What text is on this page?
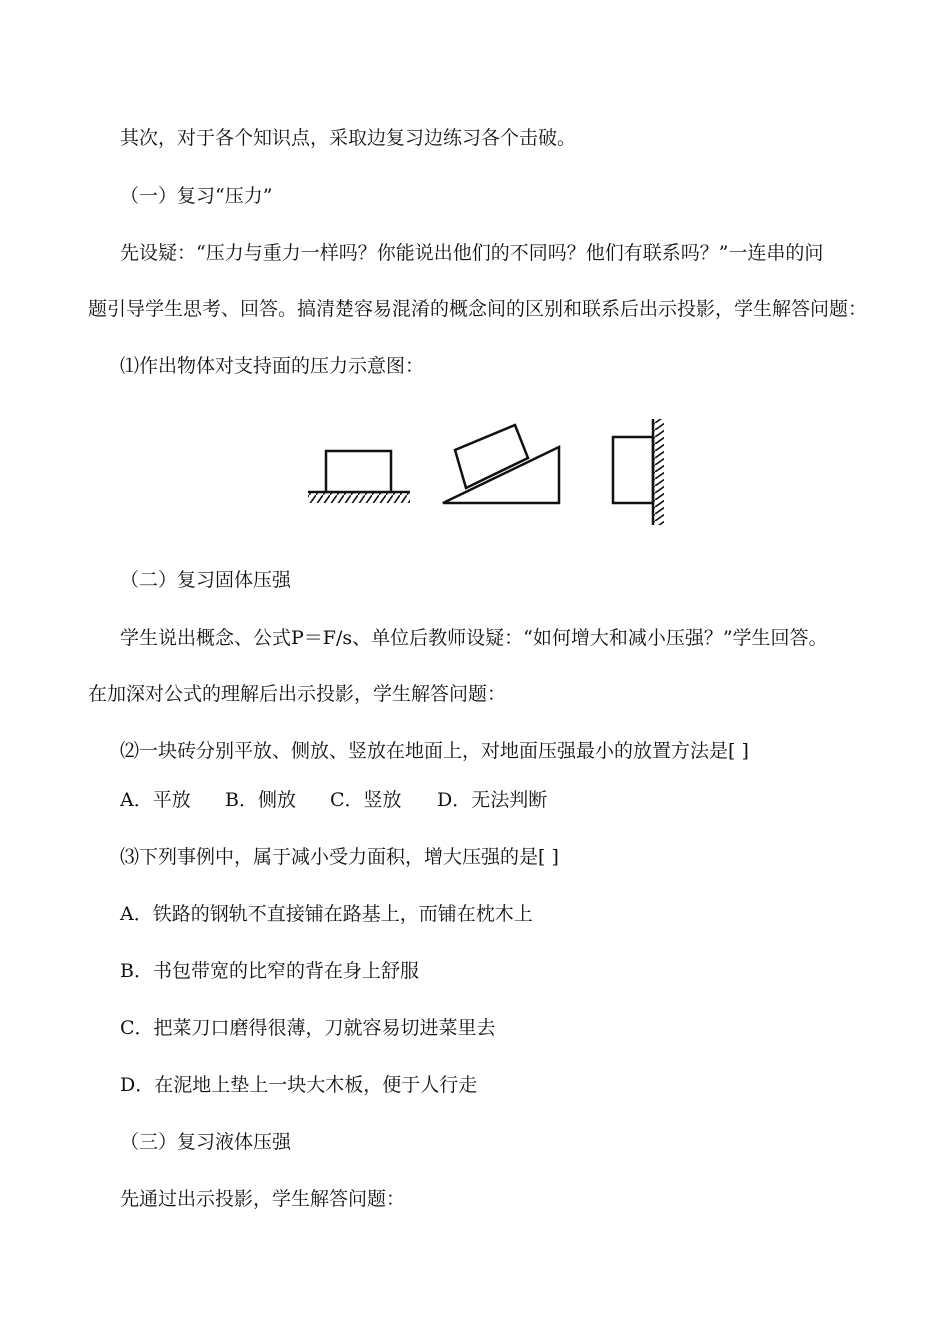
其次，对于各个知识点，采取边复习边练习各个击破。
（一）复习“压力”
先设疑：“压力与重力一样吗？你能说出他们的不同吗？他们有联系吗？”一连串的问
题引导学生思考、回答。搞清楚容易混淆的概念间的区别和联系后出示投影，学生解答问题：
⑴作出物体对支持面的压力示意图：
（二）复习固体压强
学生说出概念、公式P＝F/s、单位后教师设疑：“如何增大和减小压强？”学生回答。
在加深对公式的理解后出示投影，学生解答问题：
⑵一块砖分别平放、侧放、竖放在地面上，对地面压强最小的放置方法是[ ]
A．平放 B．侧放 C．竖放 D．无法判断
⑶下列事例中，属于减小受力面积，增大压强的是[ ]
A．铁路的钢轨不直接铺在路基上，而铺在枕木上
B．书包带宽的比窄的背在身上舒服
C．把菜刀口磨得很薄，刀就容易切进菜里去
D．在泥地上垫上一块大木板，便于人行走
（三）复习液体压强
先通过出示投影，学生解答问题：
